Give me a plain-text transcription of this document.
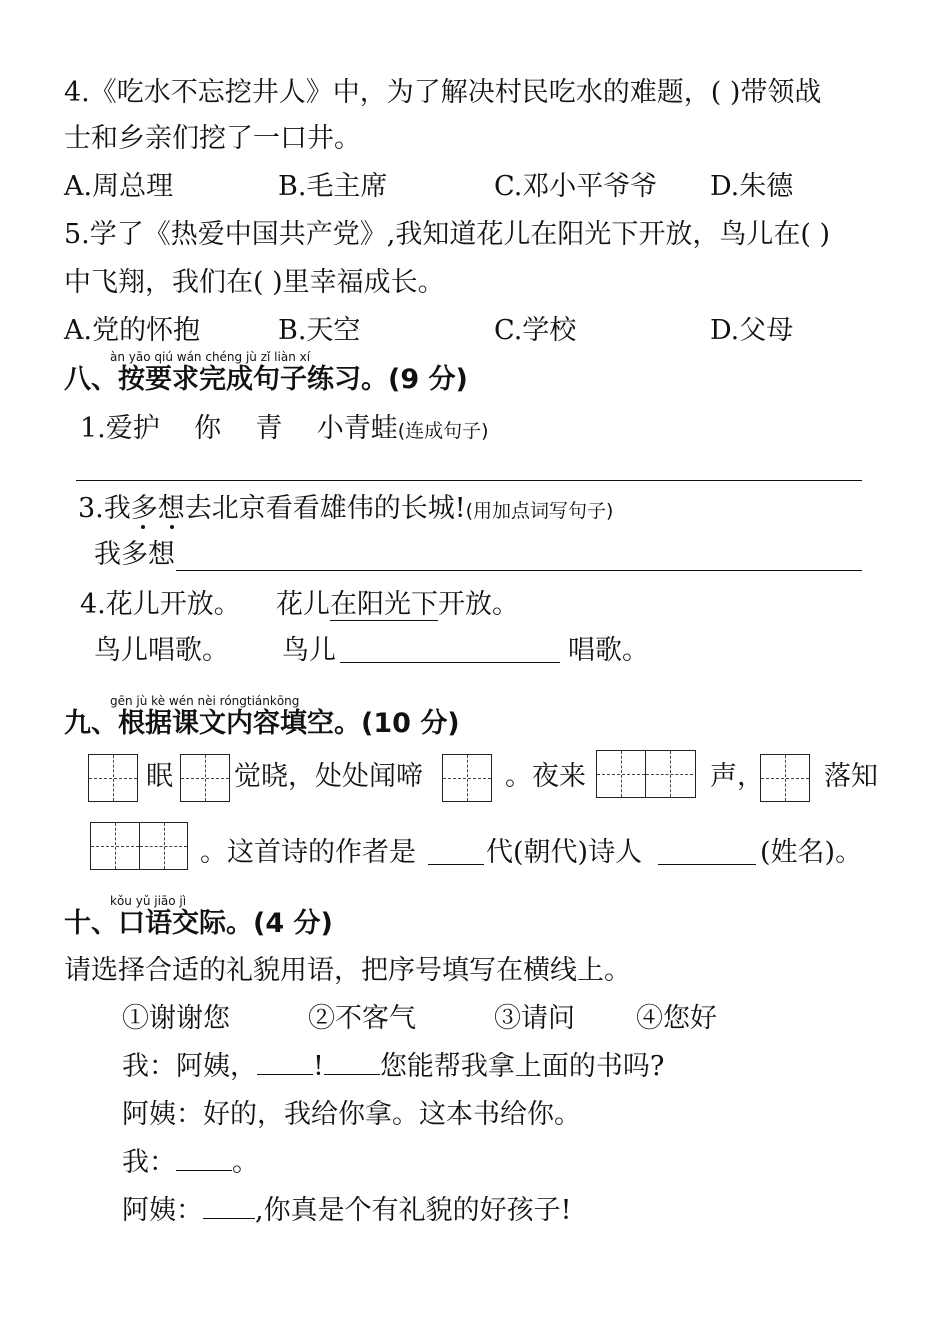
4.《吃水不忘挖井人》中，为了解决村民吃水的难题，( )带领战
士和乡亲们挖了一口井。
A.周总理	B.毛主席	C.邓小平爷爷 D.朱德
5.学了《热爱中国共产党》,我知道花儿在阳光下开放，鸟儿在( )
中飞翔，我们在( )里幸福成长。
A.党的怀抱	B.天空	C.学校	D.父母
àn yāo qiú wán chéng jù zǐ liàn xí
八、按要求完成句子练习。(9 分)
1.爱护    你    青    小青蛙(连成句子)
3.我多想去北京看看雄伟的长城!(用加点词写句子)
我多想
4.花儿开放。 花儿在阳光下开放。
鸟儿唱歌。 鸟儿	唱歌。
gēn jù kè wén nèi róngtiánkōng
九、根据课文内容填空。(10 分)
眠 觉晓，处处闻啼	。夜来	声， 落知
。这首诗的作者是	代(朝代)诗人	(姓名)。
kǒu yǔ jiāo jì
十、口语交际。(4 分)
请选择合适的礼貌用语，把序号填写在横线上。
①谢谢您	②不客气	③请问 ④您好
我：阿姨， ! 您能帮我拿上面的书吗?
阿姨：好的，我给你拿。这本书给你。
我： 。
阿姨： ,你真是个有礼貌的好孩子!
